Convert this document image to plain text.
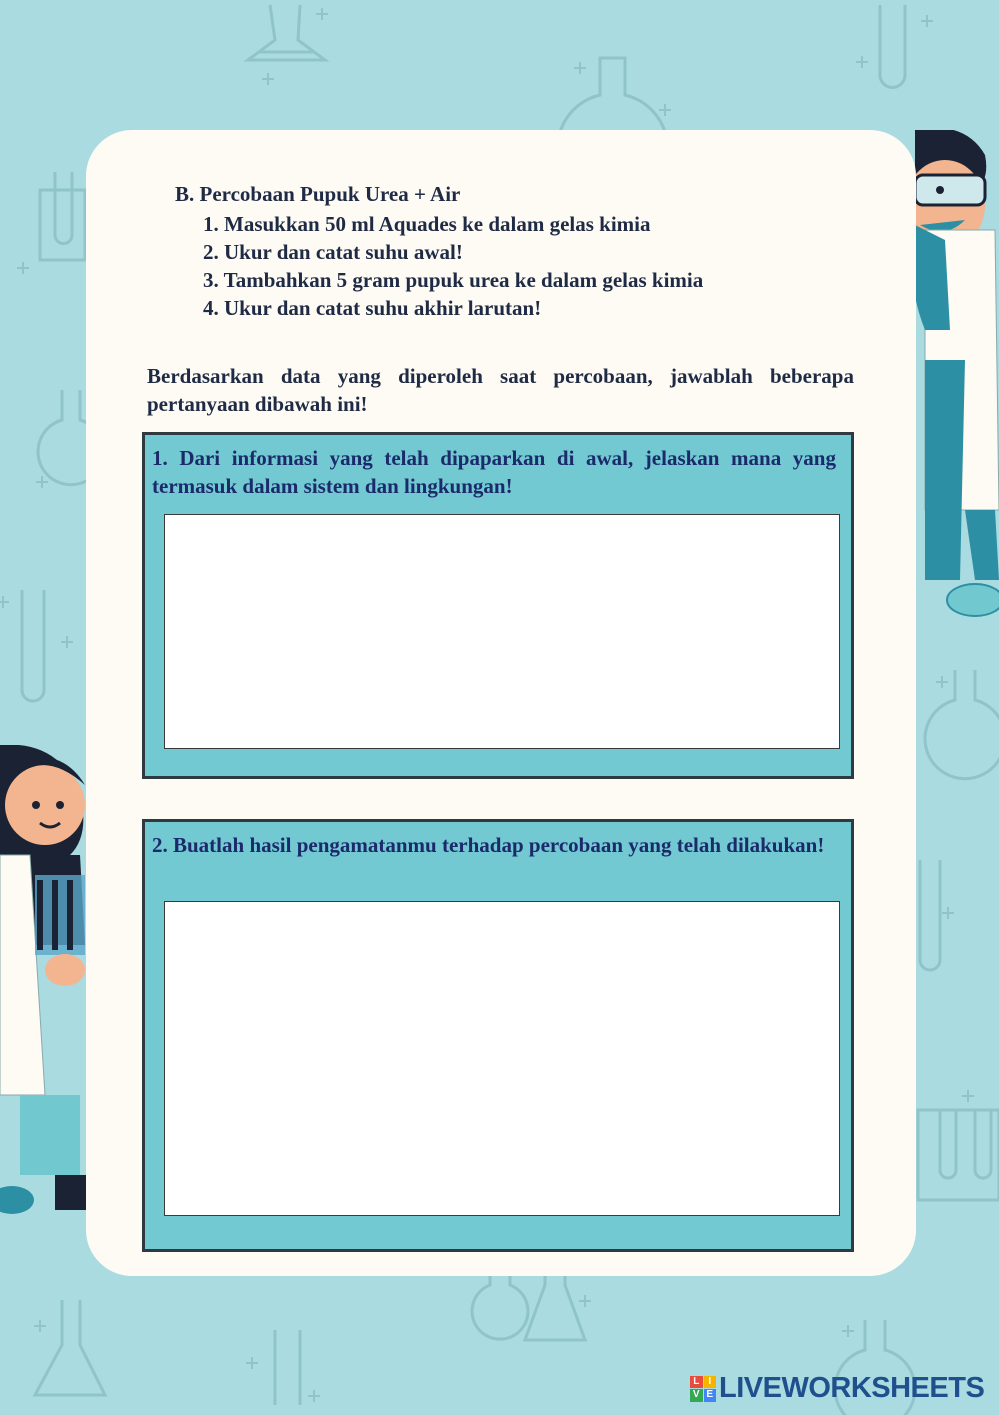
B. Percobaan Pupuk Urea + Air
1. Masukkan 50 ml Aquades ke dalam gelas kimia
2. Ukur dan catat suhu awal!
3. Tambahkan 5 gram pupuk urea ke dalam gelas kimia
4. Ukur dan catat suhu akhir larutan!
Berdasarkan data yang diperoleh saat percobaan, jawablah beberapa pertanyaan dibawah ini!
1. Dari informasi yang telah dipaparkan di awal, jelaskan mana yang termasuk dalam sistem dan lingkungan!
2. Buatlah hasil pengamatanmu terhadap percobaan yang telah dilakukan!
L I
V E LIVEWORKSHEETS
